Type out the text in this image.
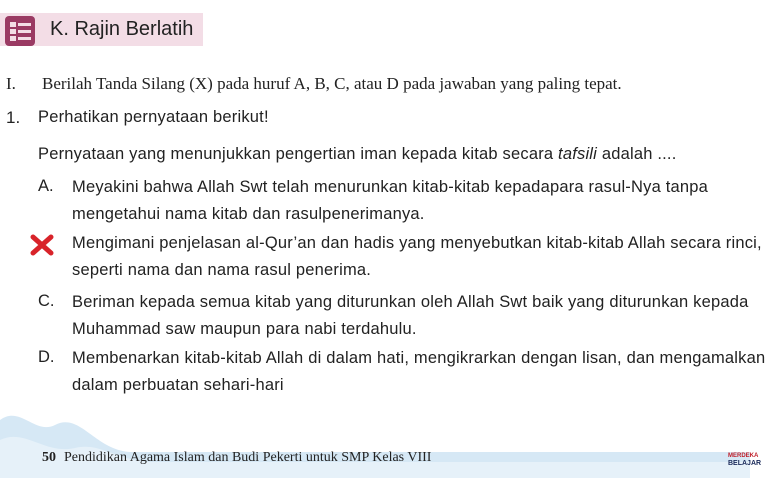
K. Rajin Berlatih
I. Berilah Tanda Silang (X) pada huruf A, B, C, atau D pada jawaban yang paling tepat.
1. Perhatikan pernyataan berikut!
Pernyataan yang menunjukkan pengertian iman kepada kitab secara tafsili adalah ....
A. Meyakini bahwa Allah Swt telah menurunkan kitab-kitab kepadapara rasul-Nya tanpa
mengetahui nama kitab dan rasulpenerimanya.
Mengimani penjelasan al-Qur’an dan hadis yang menyebutkan kitab-kitab Allah secara rinci,
seperti nama dan nama rasul penerima.
C. Beriman kepada semua kitab yang diturunkan oleh Allah Swt baik yang diturunkan kepada
Muhammad saw maupun para nabi terdahulu.
D. Membenarkan kitab-kitab Allah di dalam hati, mengikrarkan dengan lisan, dan mengamalkan
dalam perbuatan sehari-hari
50 Pendidikan Agama Islam dan Budi Pekerti untuk SMP Kelas VIII	MERDEKA
BELAJAR
